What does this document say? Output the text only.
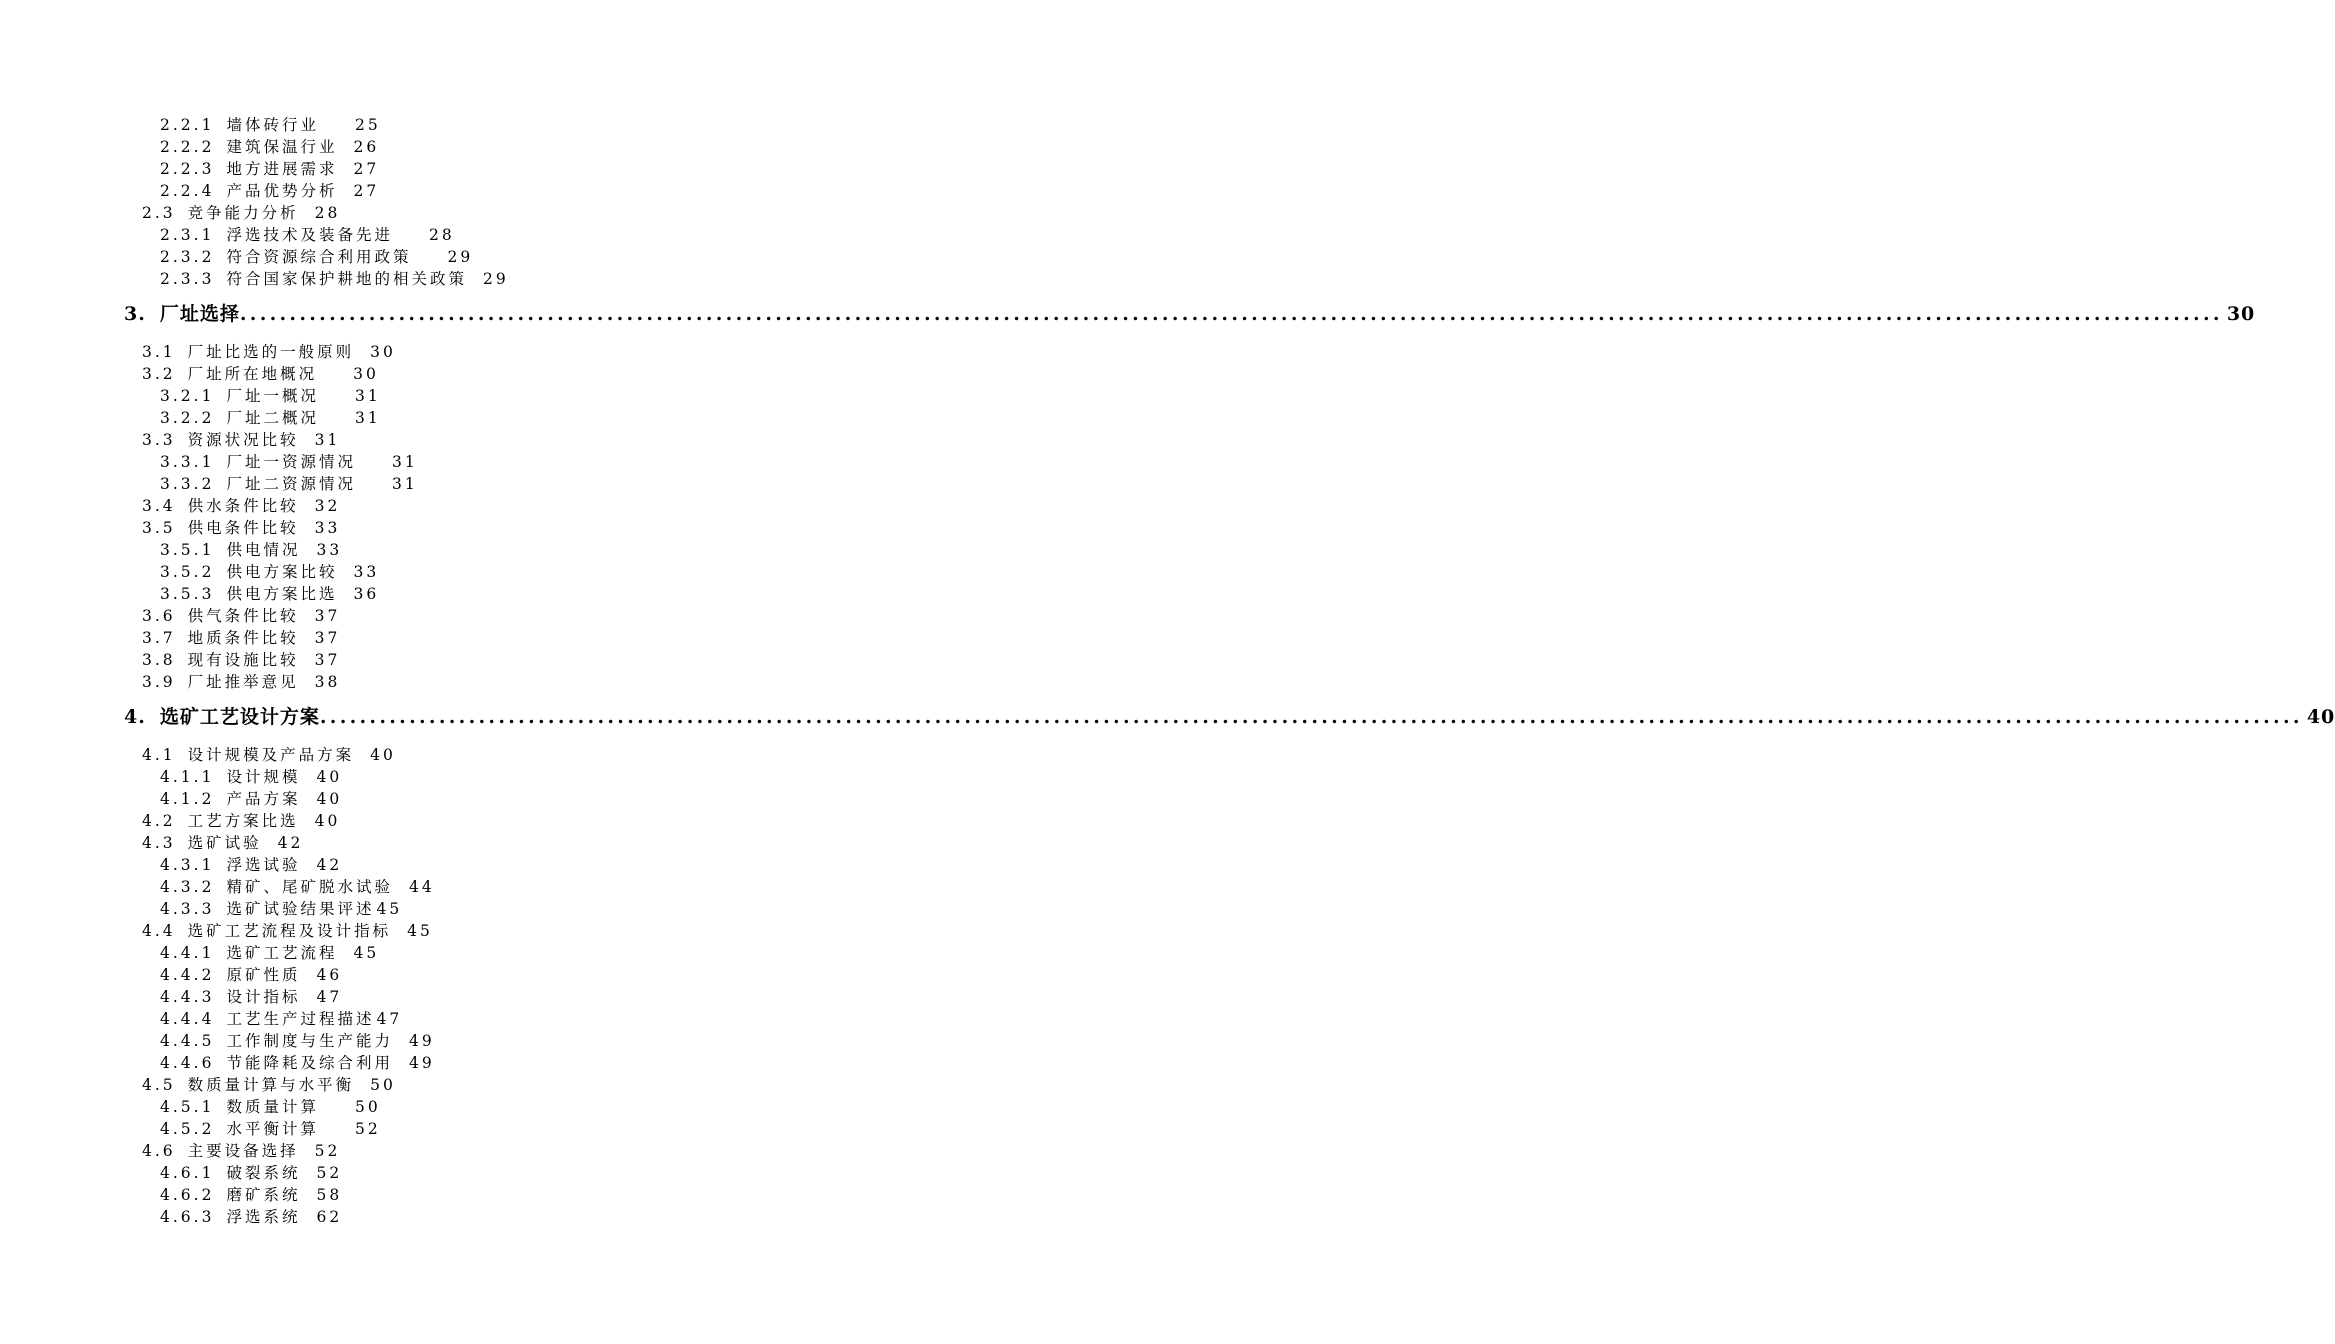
2.2.1 墙体砖行业 25
2.2.2 建筑保温行业 26
2.2.3 地方进展需求 27
2.2.4 产品优势分析 27
2.3 竞争能力分析 28
2.3.1 浮选技术及装备先进 28
2.3.2 符合资源综合利用政策 29
2.3.3 符合国家保护耕地的相关政策 29
3. 厂址选择 ........................................................................................................................................................................................................ 30
3.1 厂址比选的一般原则 30
3.2 厂址所在地概况 30
3.2.1 厂址一概况 31
3.2.2 厂址二概况 31
3.3 资源状况比较 31
3.3.1 厂址一资源情况 31
3.3.2 厂址二资源情况 31
3.4 供水条件比较 32
3.5 供电条件比较 33
3.5.1 供电情况 33
3.5.2 供电方案比较 33
3.5.3 供电方案比选 36
3.6 供气条件比较 37
3.7 地质条件比较 37
3.8 现有设施比较 37
3.9 厂址推举意见 38
4. 选矿工艺设计方案 ........................................................................................................................................................................................................ 40
4.1 设计规模及产品方案 40
4.1.1 设计规模 40
4.1.2 产品方案 40
4.2 工艺方案比选 40
4.3 选矿试验 42
4.3.1 浮选试验 42
4.3.2 精矿、尾矿脱水试验 44
4.3.3 选矿试验结果评述 45
4.4 选矿工艺流程及设计指标 45
4.4.1 选矿工艺流程 45
4.4.2 原矿性质 46
4.4.3 设计指标 47
4.4.4 工艺生产过程描述 47
4.4.5 工作制度与生产能力 49
4.4.6 节能降耗及综合利用 49
4.5 数质量计算与水平衡 50
4.5.1 数质量计算 50
4.5.2 水平衡计算 52
4.6 主要设备选择 52
4.6.1 破裂系统 52
4.6.2 磨矿系统 58
4.6.3 浮选系统 62
